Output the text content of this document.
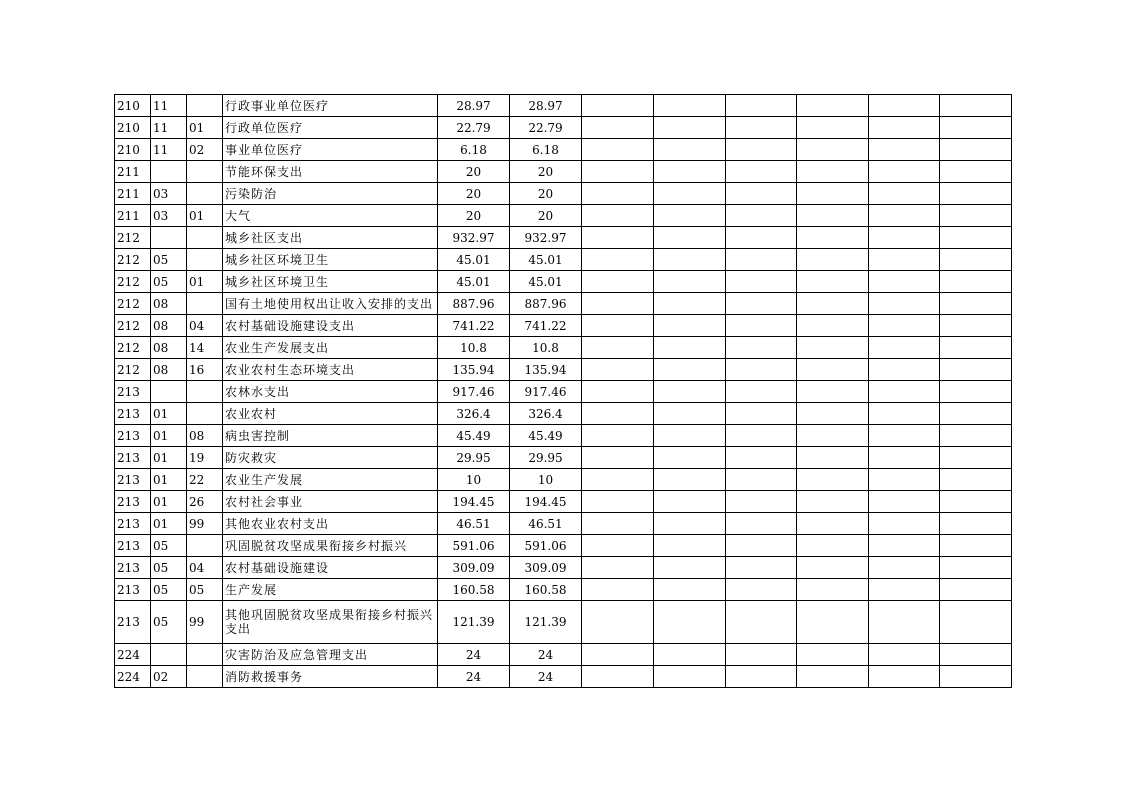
210	11		行政事业单位医疗	28.97	28.97						
210	11	01	行政单位医疗	22.79	22.79						
210	11	02	事业单位医疗	6.18	6.18						
211			节能环保支出	20	20						
211	03		污染防治	20	20						
211	03	01	大气	20	20						
212			城乡社区支出	932.97	932.97						
212	05		城乡社区环境卫生	45.01	45.01						
212	05	01	城乡社区环境卫生	45.01	45.01						
212	08		国有土地使用权出让收入安排的支出	887.96	887.96						
212	08	04	农村基础设施建设支出	741.22	741.22						
212	08	14	农业生产发展支出	10.8	10.8						
212	08	16	农业农村生态环境支出	135.94	135.94						
213			农林水支出	917.46	917.46						
213	01		农业农村	326.4	326.4						
213	01	08	病虫害控制	45.49	45.49						
213	01	19	防灾救灾	29.95	29.95						
213	01	22	农业生产发展	10	10						
213	01	26	农村社会事业	194.45	194.45						
213	01	99	其他农业农村支出	46.51	46.51						
213	05		巩固脱贫攻坚成果衔接乡村振兴	591.06	591.06						
213	05	04	农村基础设施建设	309.09	309.09						
213	05	05	生产发展	160.58	160.58						
213	05	99	其他巩固脱贫攻坚成果衔接乡村振兴支出	121.39	121.39						
224			灾害防治及应急管理支出	24	24						
224	02		消防救援事务	24	24						
